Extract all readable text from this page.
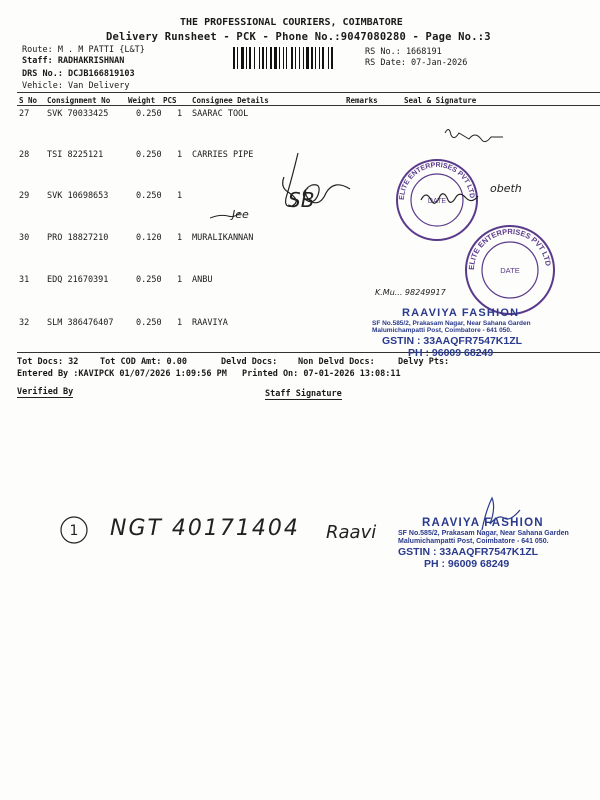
THE PROFESSIONAL COURIERS, COIMBATORE
Delivery Runsheet - PCK - Phone No.:9047080280 - Page No.:3
Route: M . M PATTI {L&T}
Staff: RADHAKRISHNAN
DRS No.: DCJB166819103
Vehicle: Van Delivery
RS No.: 1668191
RS Date: 07-Jan-2026
S No Consignment No Weight PCS Consignee Details	Remarks	Seal & Signature
27 SVK 70033425	0.250 1 SAARAC TOOL
28 TSI 8225121	0.250 1 CARRIES PIPE
29 SVK 10698653	0.250 1
30 PRO 18827210	0.120 1 MURALIKANNAN
31 EDQ 21670391	0.250 1 ANBU
32 SLM 386476407	0.250 1 RAAVIYA
Tot Docs: 32	Tot COD Amt: 0.00	Delvd Docs: Non Delvd Docs:	Delvy Pts:
Entered By :KAVIPCK 01/07/2026 1:09:56 PM Printed On: 07-01-2026 13:08:11
Verified By	Staff Signature
ELITE ENTERPRISES PVT LTD
DATE
ELITE ENTERPRISES PVT LTD
DATE
Jee
SB	obeth
K.Mu... 98249917
RAAVIYA FASHION
SF No.585/2, Prakasam Nagar, Near Sahana Garden
Malumichampatti Post, Coimbatore - 641 050.
GSTIN : 33AAQFR7547K1ZL
PH : 96009 68249
1 NGT 40171404 Raavi	RAAVIYA FASHION
SF No.585/2, Prakasam Nagar, Near Sahana Garden
Malumichampatti Post, Coimbatore - 641 050.
GSTIN : 33AAQFR7547K1ZL
PH : 96009 68249
